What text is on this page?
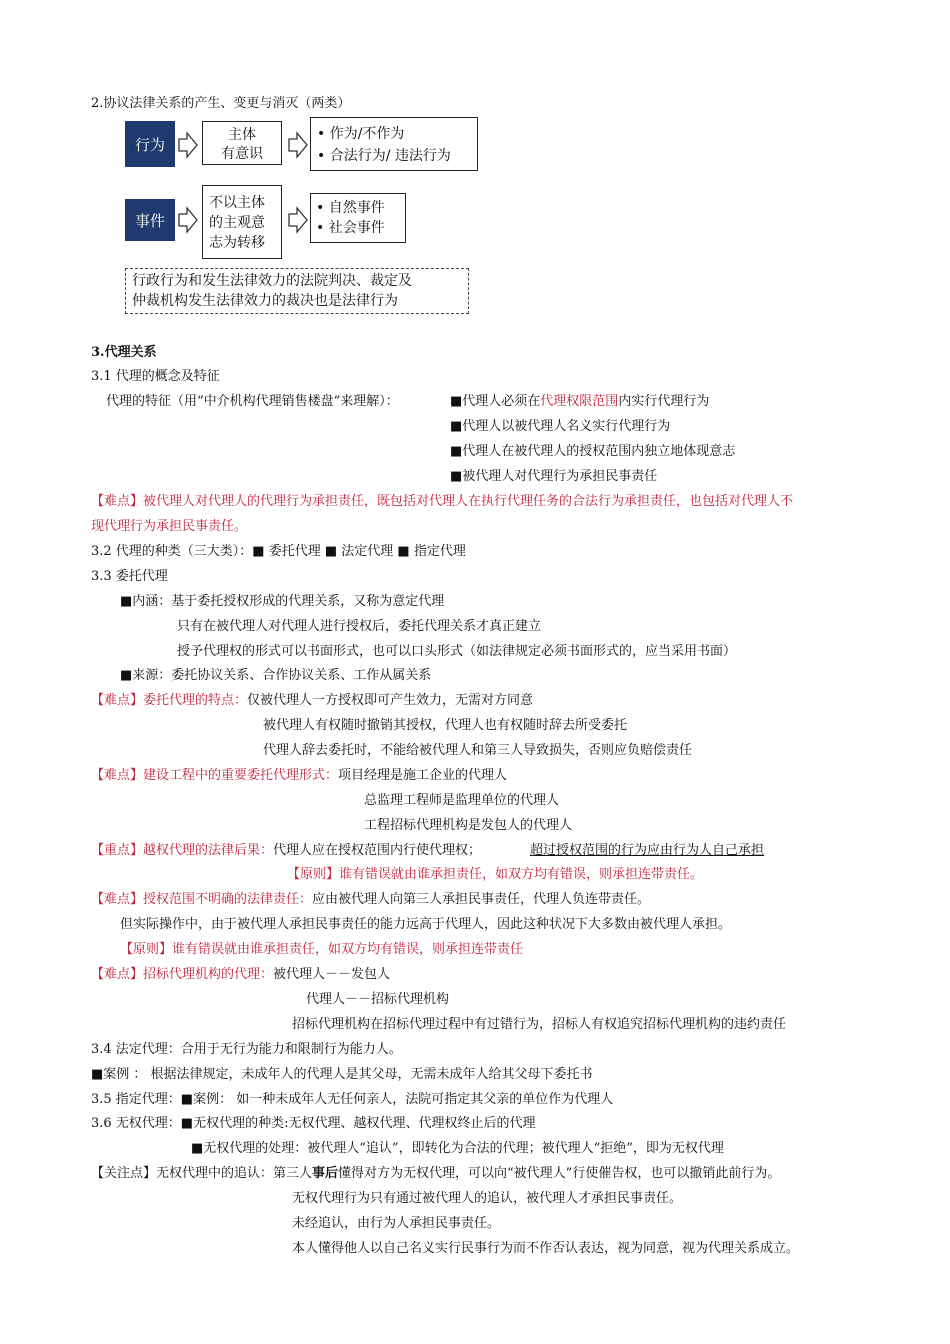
2.协议法律关系的产生、变更与消灭（两类）
行为
主体
有意识
• 作为/不作为
• 合法行为/ 违法行为
事件
不以主体
的主观意
志为转移
• 自然事件
• 社会事件
行政行为和发生法律效力的法院判决、裁定及
仲裁机构发生法律效力的裁决也是法律行为
3.代理关系
3.1 代理的概念及特征
代理的特征（用“中介机构代理销售楼盘”来理解）：	■代理人必须在代理权限范围内实行代理行为
■代理人以被代理人名义实行代理行为
■代理人在被代理人的授权范围内独立地体现意志
■被代理人对代理行为承担民事责任
【难点】被代理人对代理人的代理行为承担责任，既包括对代理人在执行代理任务的合法行为承担责任，也包括对代理人不
现代理行为承担民事责任。
3.2 代理的种类（三大类）：■ 委托代理 ■ 法定代理 ■ 指定代理
3.3 委托代理
■内涵：基于委托授权形成的代理关系，又称为意定代理
只有在被代理人对代理人进行授权后，委托代理关系才真正建立
授予代理权的形式可以书面形式，也可以口头形式（如法律规定必须书面形式的，应当采用书面）
■来源：委托协议关系、合作协议关系、工作从属关系
【难点】委托代理的特点：仅被代理人一方授权即可产生效力，无需对方同意
被代理人有权随时撤销其授权，代理人也有权随时辞去所受委托
代理人辞去委托时，不能给被代理人和第三人导致损失，否则应负赔偿责任
【难点】建设工程中的重要委托代理形式：项目经理是施工企业的代理人
总监理工程师是监理单位的代理人
工程招标代理机构是发包人的代理人
【重点】越权代理的法律后果：代理人应在授权范围内行使代理权；	超过授权范围的行为应由行为人自己承担
【原则】谁有错误就由谁承担责任，如双方均有错误，则承担连带责任。
【难点】授权范围不明确的法律责任：应由被代理人向第三人承担民事责任，代理人负连带责任。
但实际操作中，由于被代理人承担民事责任的能力远高于代理人，因此这种状况下大多数由被代理人承担。
【原则】谁有错误就由谁承担责任，如双方均有错误，则承担连带责任
【难点】招标代理机构的代理：被代理人－－发包人
代理人－－招标代理机构
招标代理机构在招标代理过程中有过错行为，招标人有权追究招标代理机构的违约责任
3.4 法定代理：合用于无行为能力和限制行为能力人。
■案例 ： 根据法律规定，未成年人的代理人是其父母，无需未成年人给其父母下委托书
3.5 指定代理：■案例： 如一种未成年人无任何亲人，法院可指定其父亲的单位作为代理人
3.6 无权代理：■无权代理的种类:无权代理、越权代理、代理权终止后的代理
■无权代理的处理：被代理人“追认”，即转化为合法的代理；被代理人“拒绝”，即为无权代理
【关注点】无权代理中的追认：第三人事后懂得对方为无权代理，可以向“被代理人”行使催告权，也可以撤销此前行为。
无权代理行为只有通过被代理人的追认，被代理人才承担民事责任。
未经追认，由行为人承担民事责任。
本人懂得他人以自己名义实行民事行为而不作否认表达，视为同意，视为代理关系成立。
